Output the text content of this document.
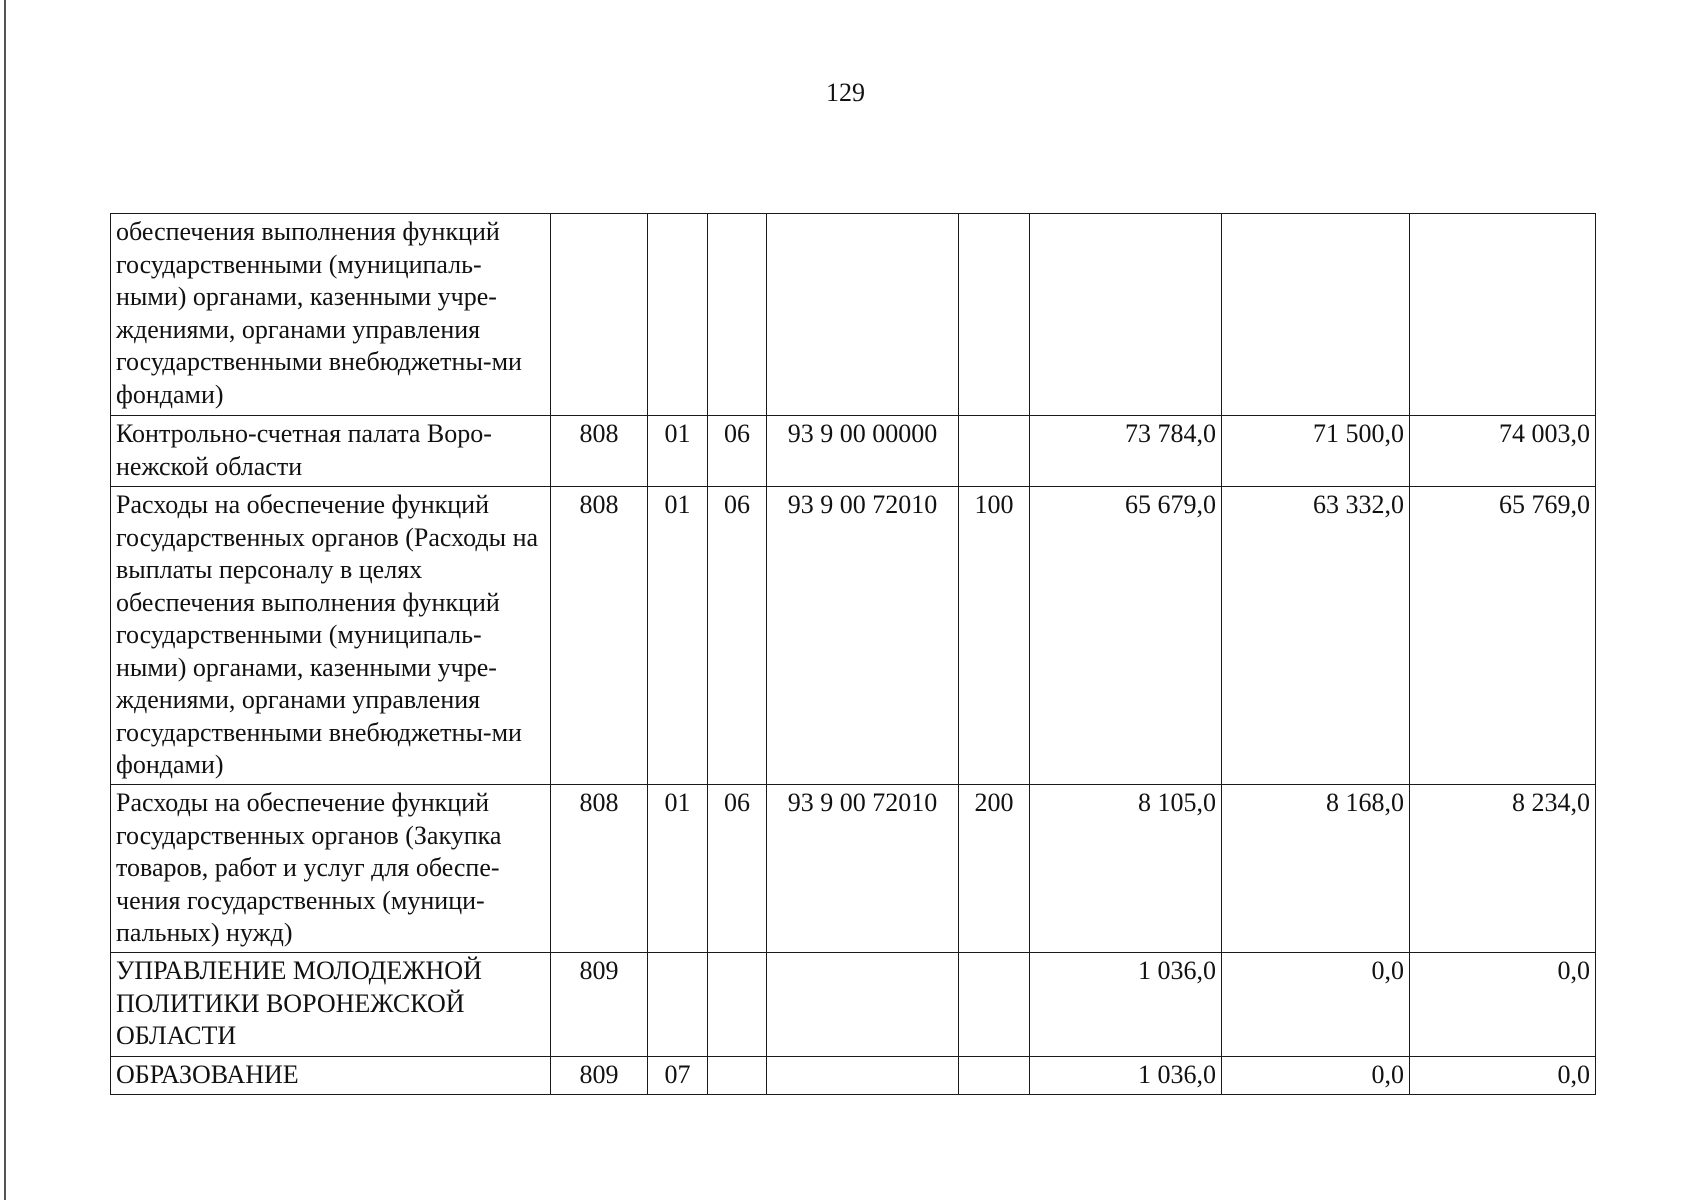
129
обеспечения выполнения функций государственными (муниципаль-ными) органами, казенными учре-ждениями, органами управления государственными внебюджетны-ми фондами)								
Контрольно-счетная палата Воро-нежской области	808	01	06	93 9 00 00000		73 784,0	71 500,0	74 003,0
Расходы на обеспечение функций государственных органов (Расходы на выплаты персоналу в целях обеспечения выполнения функций государственными (муниципаль-ными) органами, казенными учре-ждениями, органами управления государственными внебюджетны-ми фондами)	808	01	06	93 9 00 72010	100	65 679,0	63 332,0	65 769,0
Расходы на обеспечение функций государственных органов (Закупка товаров, работ и услуг для обеспе-чения государственных (муници-пальных) нужд)	808	01	06	93 9 00 72010	200	8 105,0	8 168,0	8 234,0
УПРАВЛЕНИЕ МОЛОДЕЖНОЙ ПОЛИТИКИ ВОРОНЕЖСКОЙ ОБЛАСТИ	809					1 036,0	0,0	0,0
ОБРАЗОВАНИЕ	809	07				1 036,0	0,0	0,0
